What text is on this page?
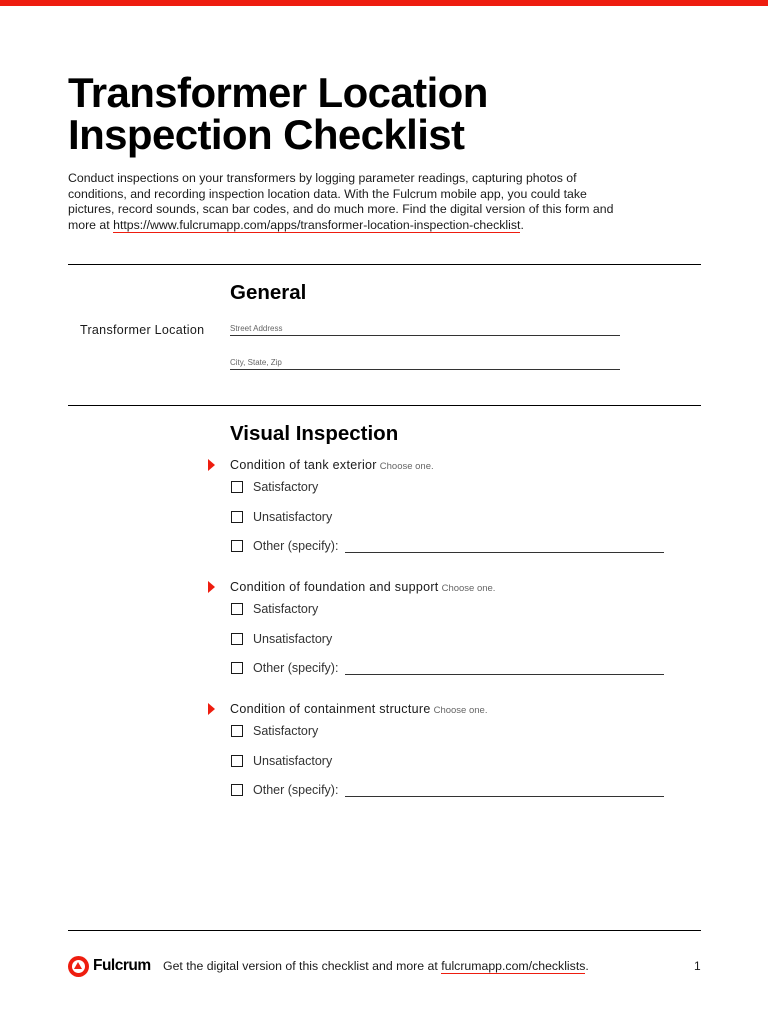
Transformer Location
Inspection Checklist

Conduct inspections on your transformers by logging parameter readings, capturing photos of conditions, and recording inspection location data. With the Fulcrum mobile app, you could take pictures, record sounds, scan bar codes, and do much more. Find the digital version of this form and more at https://www.fulcrumapp.com/apps/transformer-location-inspection-checklist.

General
Transformer Location	Street Address
City, State, Zip
Visual Inspection
Condition of tank exterior Choose one.
Satisfactory
Unsatisfactory
Other (specify):
Condition of foundation and support Choose one.
Satisfactory
Unsatisfactory
Other (specify):
Condition of containment structure Choose one.
Satisfactory
Unsatisfactory
Other (specify):
Fulcrum Get the digital version of this checklist and more at fulcrumapp.com/checklists.	1
